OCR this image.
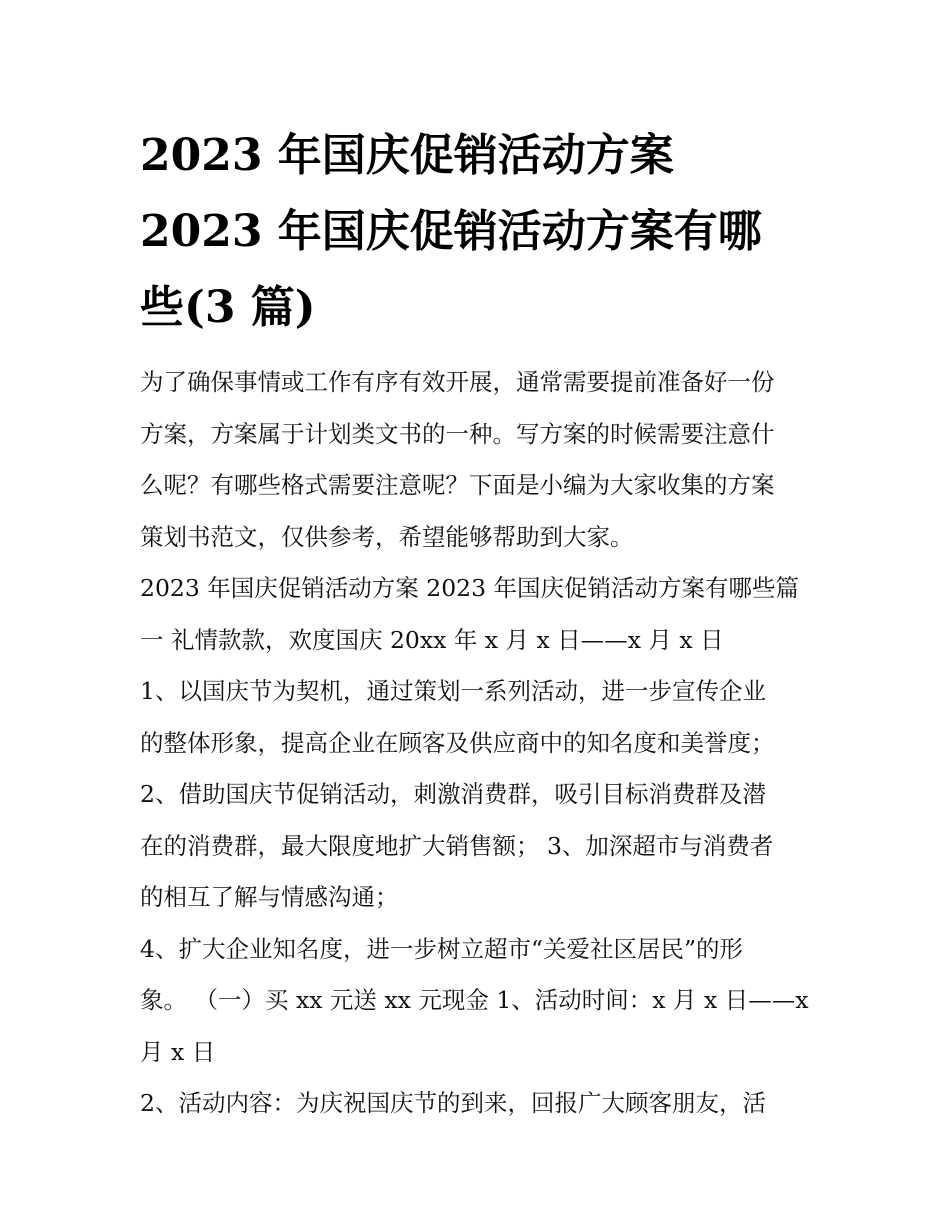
2023 年国庆促销活动方案
2023 年国庆促销活动方案有哪
些(3 篇)
为了确保事情或工作有序有效开展，通常需要提前准备好一份
方案，方案属于计划类文书的一种。写方案的时候需要注意什
么呢？有哪些格式需要注意呢？下面是小编为大家收集的方案
策划书范文，仅供参考，希望能够帮助到大家。
2023 年国庆促销活动方案 2023 年国庆促销活动方案有哪些篇
一 礼情款款，欢度国庆 20xx 年 x 月 x 日——x 月 x 日
1、以国庆节为契机，通过策划一系列活动，进一步宣传企业
的整体形象，提高企业在顾客及供应商中的知名度和美誉度；
2、借助国庆节促销活动，刺激消费群，吸引目标消费群及潜
在的消费群，最大限度地扩大销售额； 3、加深超市与消费者
的相互了解与情感沟通；
4、扩大企业知名度，进一步树立超市“关爱社区居民”的形
象。 （一）买 xx 元送 xx 元现金 1、活动时间：x 月 x 日——x
月 x 日
2、活动内容：为庆祝国庆节的到来，回报广大顾客朋友，活
